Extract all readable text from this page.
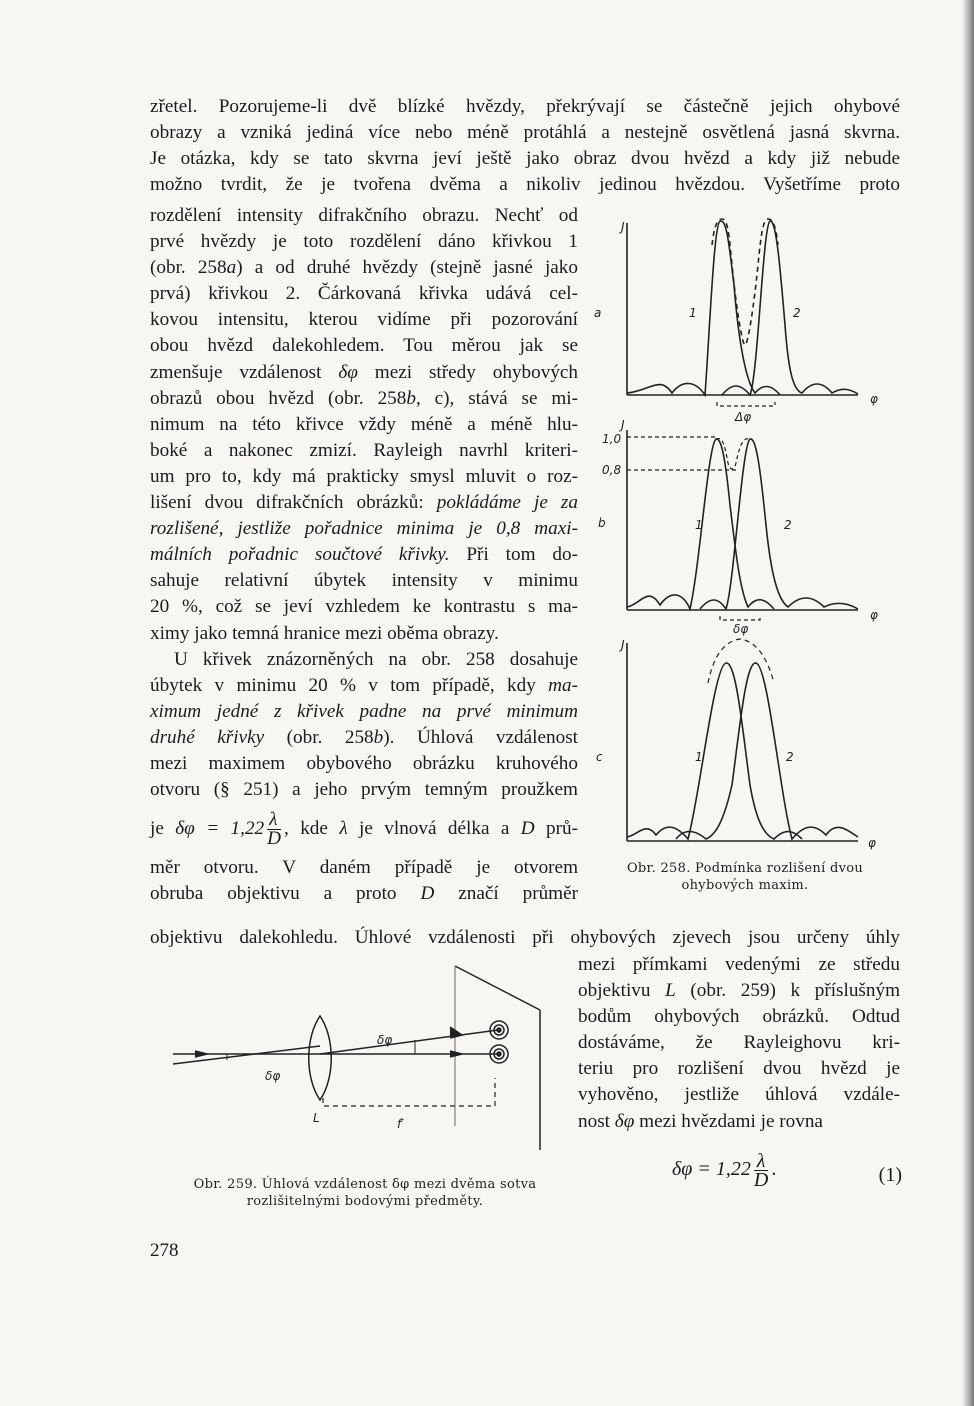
zřetel. Pozorujeme-li dvě blízké hvězdy, překrývají se částečně jejich ohybové
obrazy a vzniká jediná více nebo méně protáhlá a nestejně osvětlená jasná skvrna.
Je otázka, kdy se tato skvrna jeví ještě jako obraz dvou hvězd a kdy již nebude
možno tvrdit, že je tvořena dvěma a nikoliv jedinou hvězdou. Vyšetříme proto
rozdělení intensity difrakčního obrazu. Nechť od
prvé hvězdy je toto rozdělení dáno křivkou 1
(obr. 258a) a od druhé hvězdy (stejně jasné jako
prvá) křivkou 2. Čárkovaná křivka udává cel-
kovou intensitu, kterou vidíme při pozorování
obou hvězd dalekohledem. Tou měrou jak se
zmenšuje vzdálenost δφ mezi středy ohybových
obrazů obou hvězd (obr. 258b, c), stává se mi-
nimum na této křivce vždy méně a méně hlu-
boké a nakonec zmizí. Rayleigh navrhl kriteri-
um pro to, kdy má prakticky smysl mluvit o roz-
lišení dvou difrakčních obrázků: pokládáme je za
rozlišené, jestliže pořadnice minima je 0,8 maxi-
málních pořadnic součtové křivky. Při tom do-
sahuje relativní úbytek intensity v minimu
20 %, což se jeví vzhledem ke kontrastu s ma-
ximy jako temná hranice mezi oběma obrazy.
U křivek znázorněných na obr. 258 dosahuje
úbytek v minimu 20 % v tom případě, kdy ma-
ximum jedné z křivek padne na prvé minimum
druhé křivky (obr. 258b). Úhlová vzdálenost
mezi maximem obybového obrázku kruhového
otvoru (§ 251) a jeho prvým temným proužkem
je $\delta\varphi = 1,22 \frac{\lambda}{D}$ , kde λ je vlnová délka a D prů-
měr otvoru. V daném případě je otvorem
obruba objektivu a proto D značí průměr
objektivu dalekohledu. Úhlové vzdálenosti při ohybových zjevech jsou určeny úhly
mezi přímkami vedenými ze středu
objektivu L (obr. 259) k příslušným
bodům ohybových obrázků. Odtud
dostáváme, že Rayleighovu kri-
teriu pro rozlišení dvou hvězd je
vyhověno, jestliže úhlová vzdále-
nost δφ mezi hvězdami je rovna
$\delta\varphi = 1,22 \frac{\lambda}{D}$ .	(1)
a
J
1	2
φ
Δφ
J
1,0
0,8
b	1	2
φ
δφ
J
c	1	2
φ
Obr. 258. Podmínka rozlišení dvou
ohybových maxim.
δφ
δφ
L	f′
Obr. 259. Úhlová vzdálenost δφ mezi dvěma sotva
rozlišitelnými bodovými předměty.
278
